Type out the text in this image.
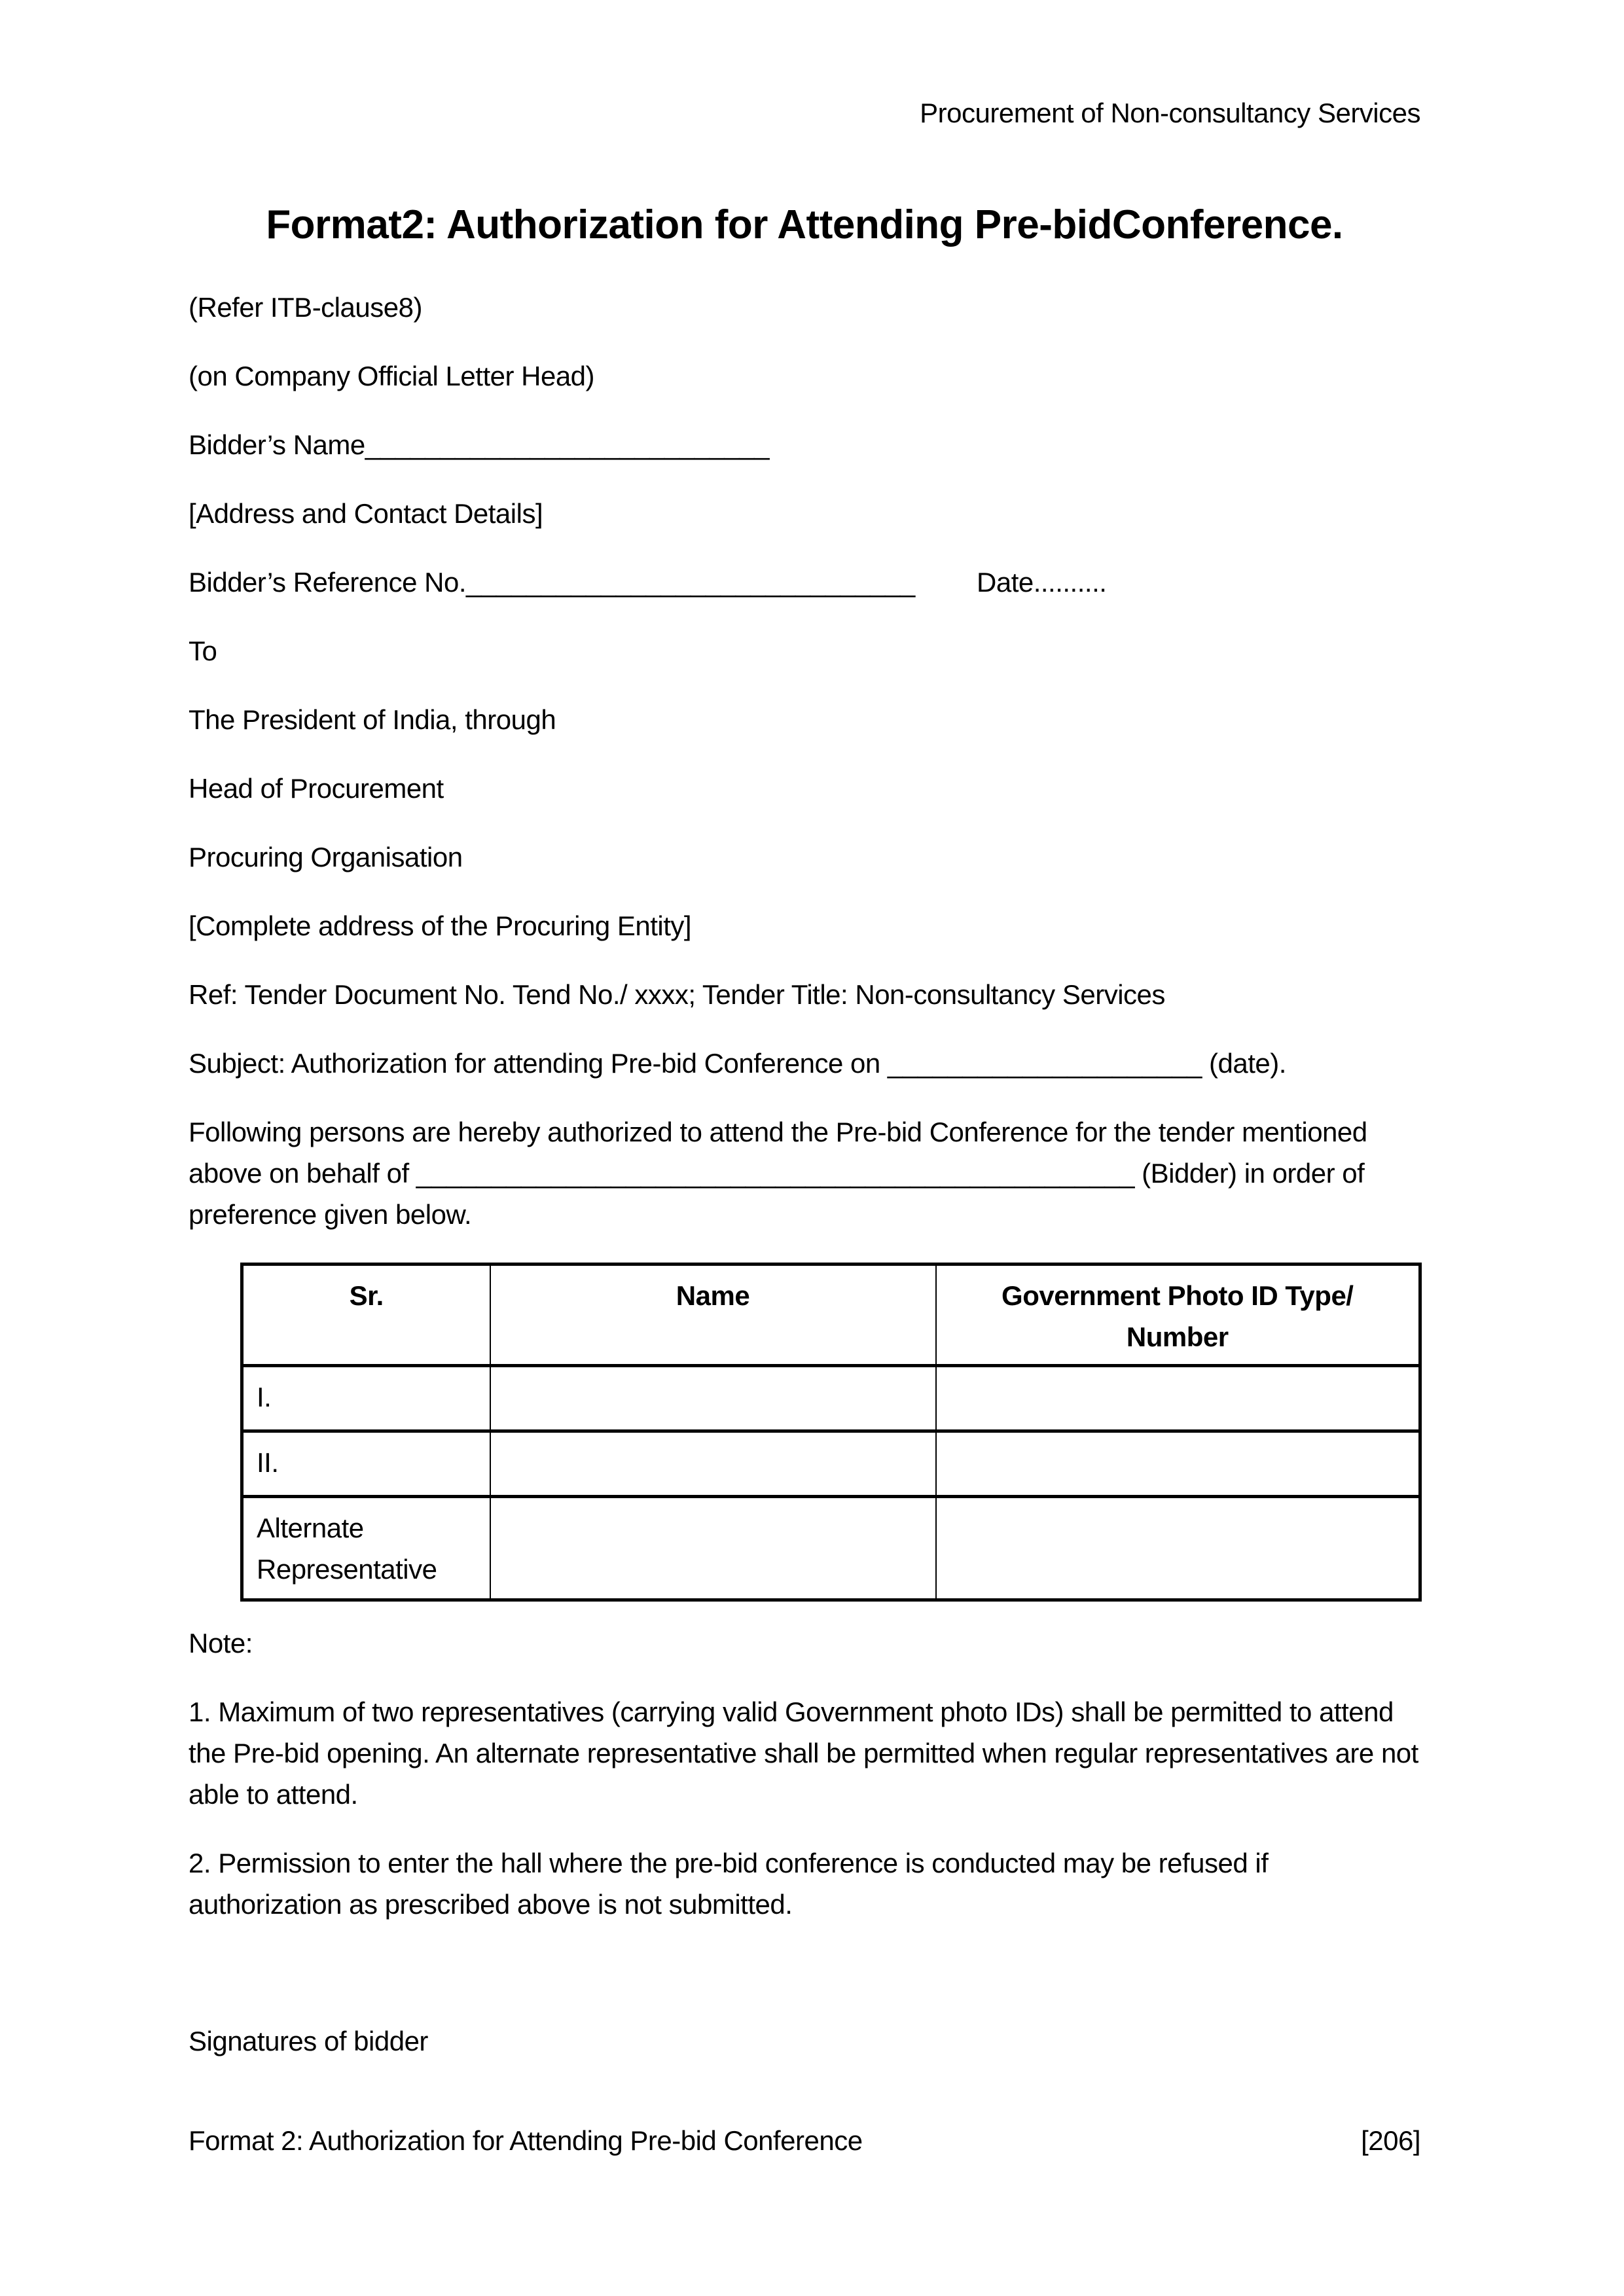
Procurement of Non-consultancy Services
Format2: Authorization for Attending Pre-bidConference.

(Refer ITB-clause8)

(on Company Official Letter Head)

Bidder’s Name___________________________

[Address and Contact Details]

Bidder’s Reference No.______________________________ Date..........

To

The President of India, through

Head of Procurement

Procuring Organisation

[Complete address of the Procuring Entity]

Ref: Tender Document No. Tend No./ xxxx; Tender Title: Non-consultancy Services

Subject: Authorization for attending Pre-bid Conference on _____________________ (date).

Following persons are hereby authorized to attend the Pre-bid Conference for the tender mentioned above on behalf of ________________________________________________ (Bidder) in order of preference given below.

Sr.	Name	Government Photo ID Type/
Number

I.		
II.		
Alternate Representative		

Note:

1. Maximum of two representatives (carrying valid Government photo IDs) shall be permitted to attend the Pre-bid opening. An alternate representative shall be permitted when regular representatives are not able to attend.

2. Permission to enter the hall where the pre-bid conference is conducted may be refused if authorization as prescribed above is not submitted.

Signatures of bidder

Format 2: Authorization for Attending Pre-bid Conference	[206]
